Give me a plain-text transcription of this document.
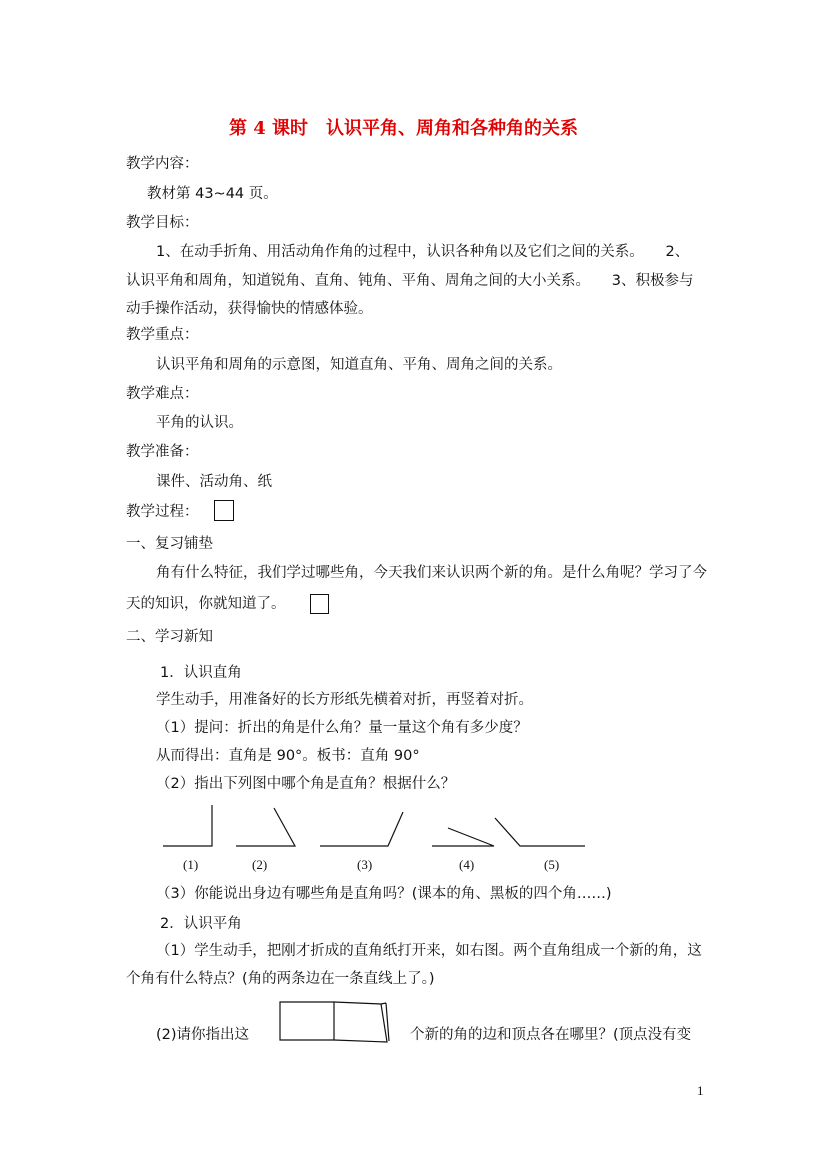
第 4 课时　认识平角、周角和各种角的关系
教学内容：
教材第 43~44 页。
教学目标：
1、在动手折角、用活动角作角的过程中，认识各种角以及它们之间的关系。　　2、
认识平角和周角，知道锐角、直角、钝角、平角、周角之间的大小关系。　　3、积极参与
动手操作活动，获得愉快的情感体验。
教学重点：
认识平角和周角的示意图，知道直角、平角、周角之间的关系。
教学难点：
平角的认识。
教学准备：
课件、活动角、纸
教学过程：
一、复习铺垫
角有什么特征，我们学过哪些角，今天我们来认识两个新的角。是什么角呢？学习了今
天的知识，你就知道了。
二、学习新知
1．认识直角
学生动手，用准备好的长方形纸先横着对折，再竖着对折。
（1）提问：折出的角是什么角？量一量这个角有多少度？
从而得出：直角是 90°。板书：直角 90°
（2）指出下列图中哪个角是直角？根据什么？
(1)	(2)	(3)	(4)	(5)
（3）你能说出身边有哪些角是直角吗？(课本的角、黑板的四个角……)
2．认识平角
（1）学生动手，把刚才折成的直角纸打开来，如右图。两个直角组成一个新的角，这
个角有什么特点？(角的两条边在一条直线上了。)
(2)请你指出这	个新的角的边和顶点各在哪里？(顶点没有变
1
